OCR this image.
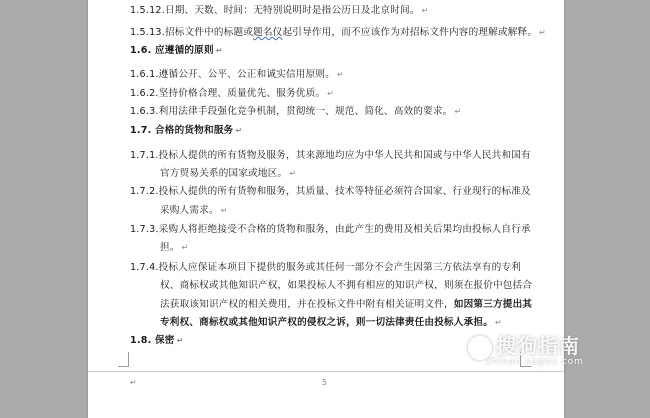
1.5.12.日期、天数、时间：无特别说明时是指公历日及北京时间。 ↵
1.5.13.招标文件中的标题或题名仪起引导作用，而不应该作为对招标文件内容的理解或解释。 ↵
1.6. 应遵循的原则 ↵
1.6.1.遵循公开、公平、公正和诚实信用原则。 ↵
1.6.2.坚持价格合理、质量优先、服务优质。 ↵
1.6.3.利用法律手段强化竞争机制，贯彻统一、规范、简化、高效的要求。 ↵
1.7. 合格的货物和服务 ↵
1.7.1.投标人提供的所有货物及服务，其来源地均应为中华人民共和国或与中华人民共和国有
官方贸易关系的国家或地区。 ↵
1.7.2.投标人提供的所有货物和服务，其质量、技术等特征必须符合国家、行业现行的标准及
采购人需求。 ↵
1.7.3.采购人将拒绝接受不合格的货物和服务，由此产生的费用及相关后果均由投标人自行承
担。 ↵
1.7.4.投标人应保证本项目下提供的服务或其任何一部分不会产生因第三方依法享有的专利
权、商标权或其他知识产权，如果投标人不拥有相应的知识产权，则须在报价中包括合
法获取该知识产权的相关费用，并在投标文件中附有相关证明文件，如因第三方提出其
专利权、商标权或其他知识产权的侵权之诉，则一切法律责任由投标人承担。 ↵
1.8. 保密 ↵
↵	5
搜狗指南
zhinan.sogou.com
